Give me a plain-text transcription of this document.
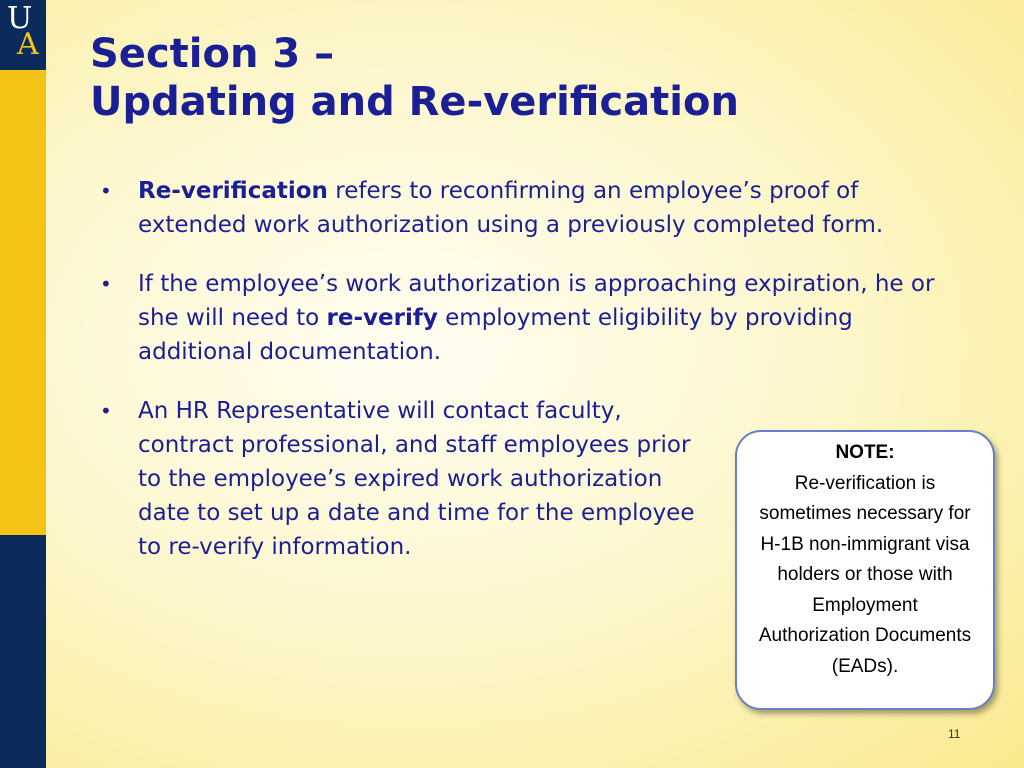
U
A Section 3 –
Updating and Re-verification
• Re-verification refers to reconfirming an employee’s proof of extended work authorization using a previously completed form.
• If the employee’s work authorization is approaching expiration, he or she will need to re-verify employment eligibility by providing additional documentation.
• An HR Representative will contact faculty, contract professional, and staff employees prior to the employee’s expired work authorization date to set up a date and time for the employee to re-verify information.
NOTE:
Re-verification is sometimes necessary for H-1B non-immigrant visa holders or those with Employment Authorization Documents (EADs).
11
